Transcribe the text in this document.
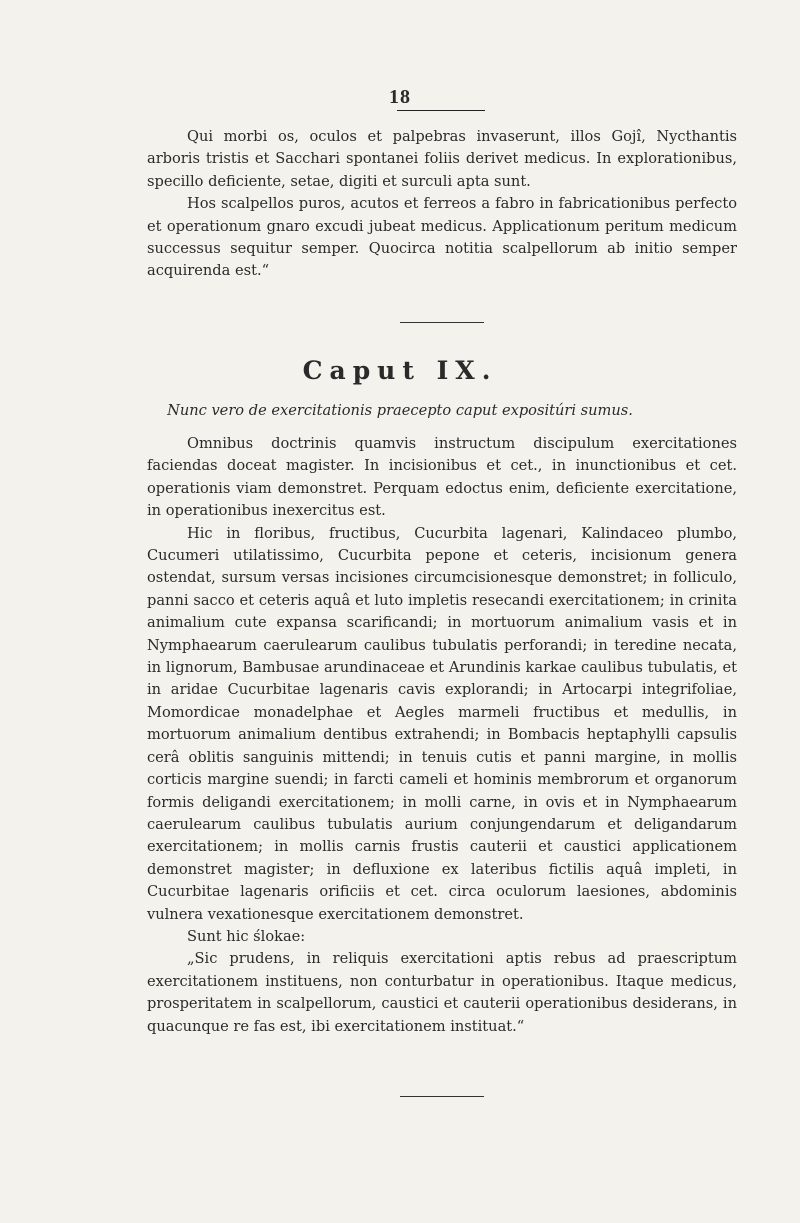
18

Qui morbi os, oculos et palpebras invaserunt, illos Gojî, Nycthantis arboris tristis et Sacchari spontanei foliis derivet medicus. In explorationibus, specillo deficiente, setae, digiti et surculi apta sunt.

Hos scalpellos puros, acutos et ferreos a fabro in fabricationibus perfecto et operationum gnaro excudi jubeat medicus. Applicationum peritum medicum successus sequitur semper. Quocirca notitia scalpellorum ab initio semper acquirenda est.“

Caput IX.
Nunc vero de exercitationis praecepto caput expositúri sumus.

Omnibus doctrinis quamvis instructum discipulum exercitationes faciendas doceat magister. In incisionibus et cet., in inunctionibus et cet. operationis viam demonstret. Perquam edoctus enim, deficiente exercitatione, in operationibus inexercitus est.

Hic in floribus, fructibus, Cucurbita lagenari, Kalindaceo plumbo, Cucumeri utilatissimo, Cucurbita pepone et ceteris, incisionum genera ostendat, sursum versas incisiones circumcisionesque demonstret; in folliculo, panni sacco et ceteris aquâ et luto impletis resecandi exercitationem; in crinita animalium cute expansa scarificandi; in mortuorum animalium vasis et in Nymphaearum caerulearum caulibus tubulatis perforandi; in teredine necata, in lignorum, Bambusae arundinaceae et Arundinis karkae caulibus tubulatis, et in aridae Cucurbitae lagenaris cavis explorandi; in Artocarpi integrifoliae, Momordicae monadelphae et Aegles marmeli fructibus et medullis, in mortuorum animalium dentibus extrahendi; in Bombacis heptaphylli capsulis cerâ oblitis sanguinis mittendi; in tenuis cutis et panni margine, in mollis corticis margine suendi; in farcti cameli et hominis membrorum et organorum formis deligandi exercitationem; in molli carne, in ovis et in Nymphaearum caerulearum caulibus tubulatis aurium conjungendarum et deligandarum exercitationem; in mollis carnis frustis cauterii et caustici applicationem demonstret magister; in defluxione ex lateribus fictilis aquâ impleti, in Cucurbitae lagenaris orificiis et cet. circa oculorum laesiones, abdominis vulnera vexationesque exercitationem demonstret.

Sunt hic ślokae:

„Sic prudens, in reliquis exercitationi aptis rebus ad praescriptum exercitationem instituens, non conturbatur in operationibus. Itaque medicus, prosperitatem in scalpellorum, caustici et cauterii operationibus desiderans, in quacunque re fas est, ibi exercitationem instituat.“
